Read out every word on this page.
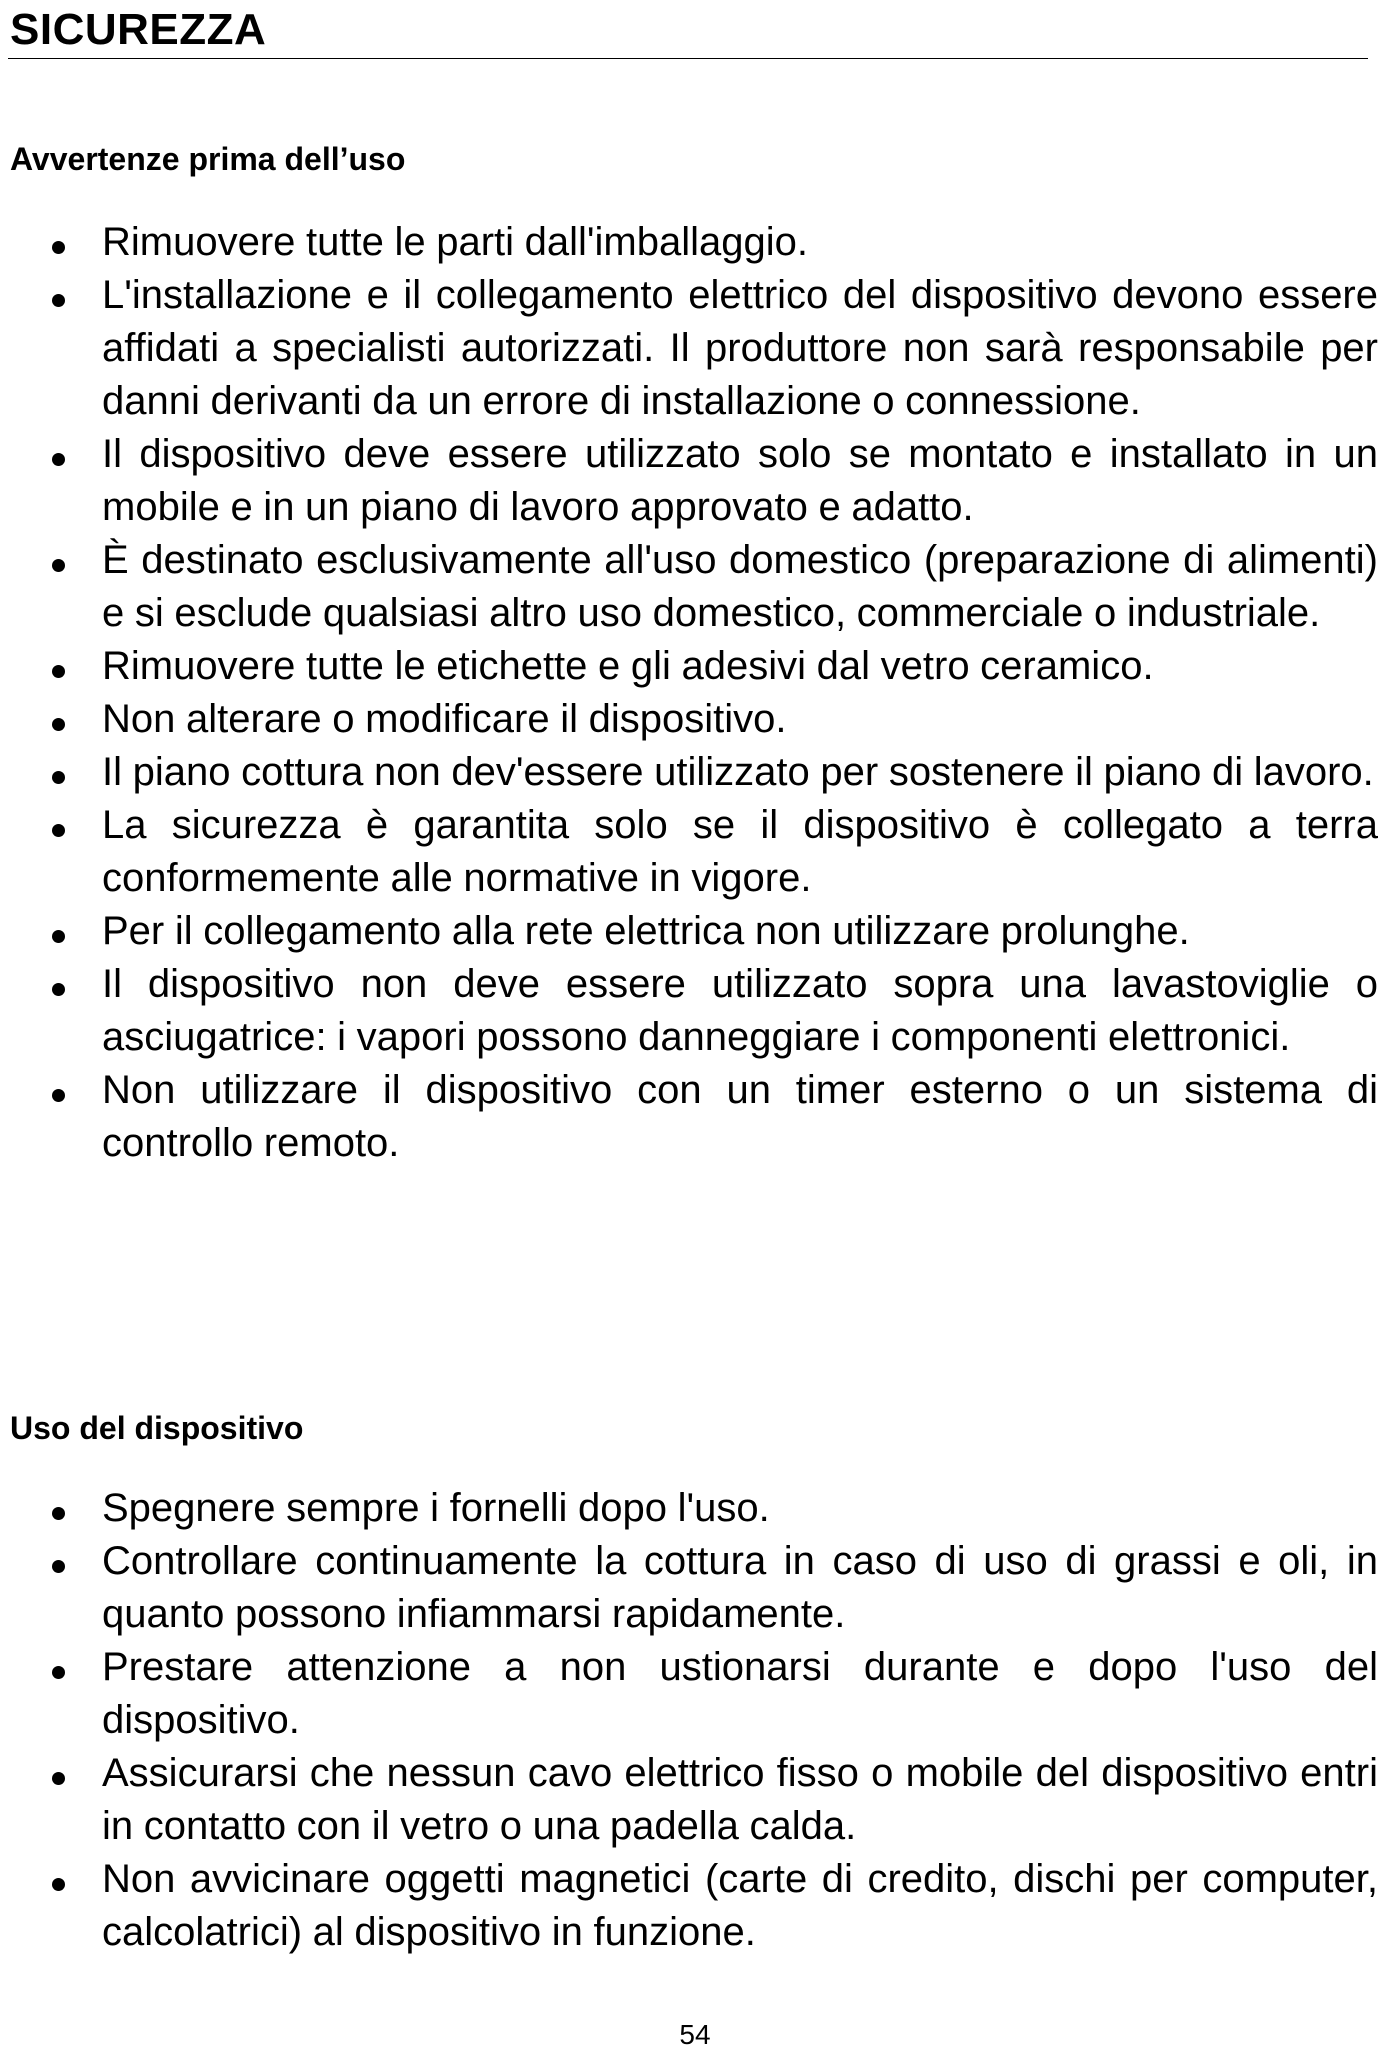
SICUREZZA
Avvertenze prima dell’uso
Rimuovere tutte le parti dall'imballaggio.
L'installazione e il collegamento elettrico del dispositivo devono essere affidati a specialisti autorizzati. Il produttore non sarà responsabile per danni derivanti da un errore di installazione o connessione.
Il dispositivo deve essere utilizzato solo se montato e installato in un mobile e in un piano di lavoro approvato e adatto.
È destinato esclusivamente all'uso domestico (preparazione di alimenti) e si esclude qualsiasi altro uso domestico, commerciale o industriale.
Rimuovere tutte le etichette e gli adesivi dal vetro ceramico.
Non alterare o modificare il dispositivo.
Il piano cottura non dev'essere utilizzato per sostenere il piano di lavoro.
La sicurezza è garantita solo se il dispositivo è collegato a terra conformemente alle normative in vigore.
Per il collegamento alla rete elettrica non utilizzare prolunghe.
Il dispositivo non deve essere utilizzato sopra una lavastoviglie o asciugatrice: i vapori possono danneggiare i componenti elettronici.
Non utilizzare il dispositivo con un timer esterno o un sistema di controllo remoto.
Uso del dispositivo
Spegnere sempre i fornelli dopo l'uso.
Controllare continuamente la cottura in caso di uso di grassi e oli, in quanto possono infiammarsi rapidamente.
Prestare attenzione a non ustionarsi durante e dopo l'uso del dispositivo.
Assicurarsi che nessun cavo elettrico fisso o mobile del dispositivo entri in contatto con il vetro o una padella calda.
Non avvicinare oggetti magnetici (carte di credito, dischi per computer, calcolatrici) al dispositivo in funzione.
54
